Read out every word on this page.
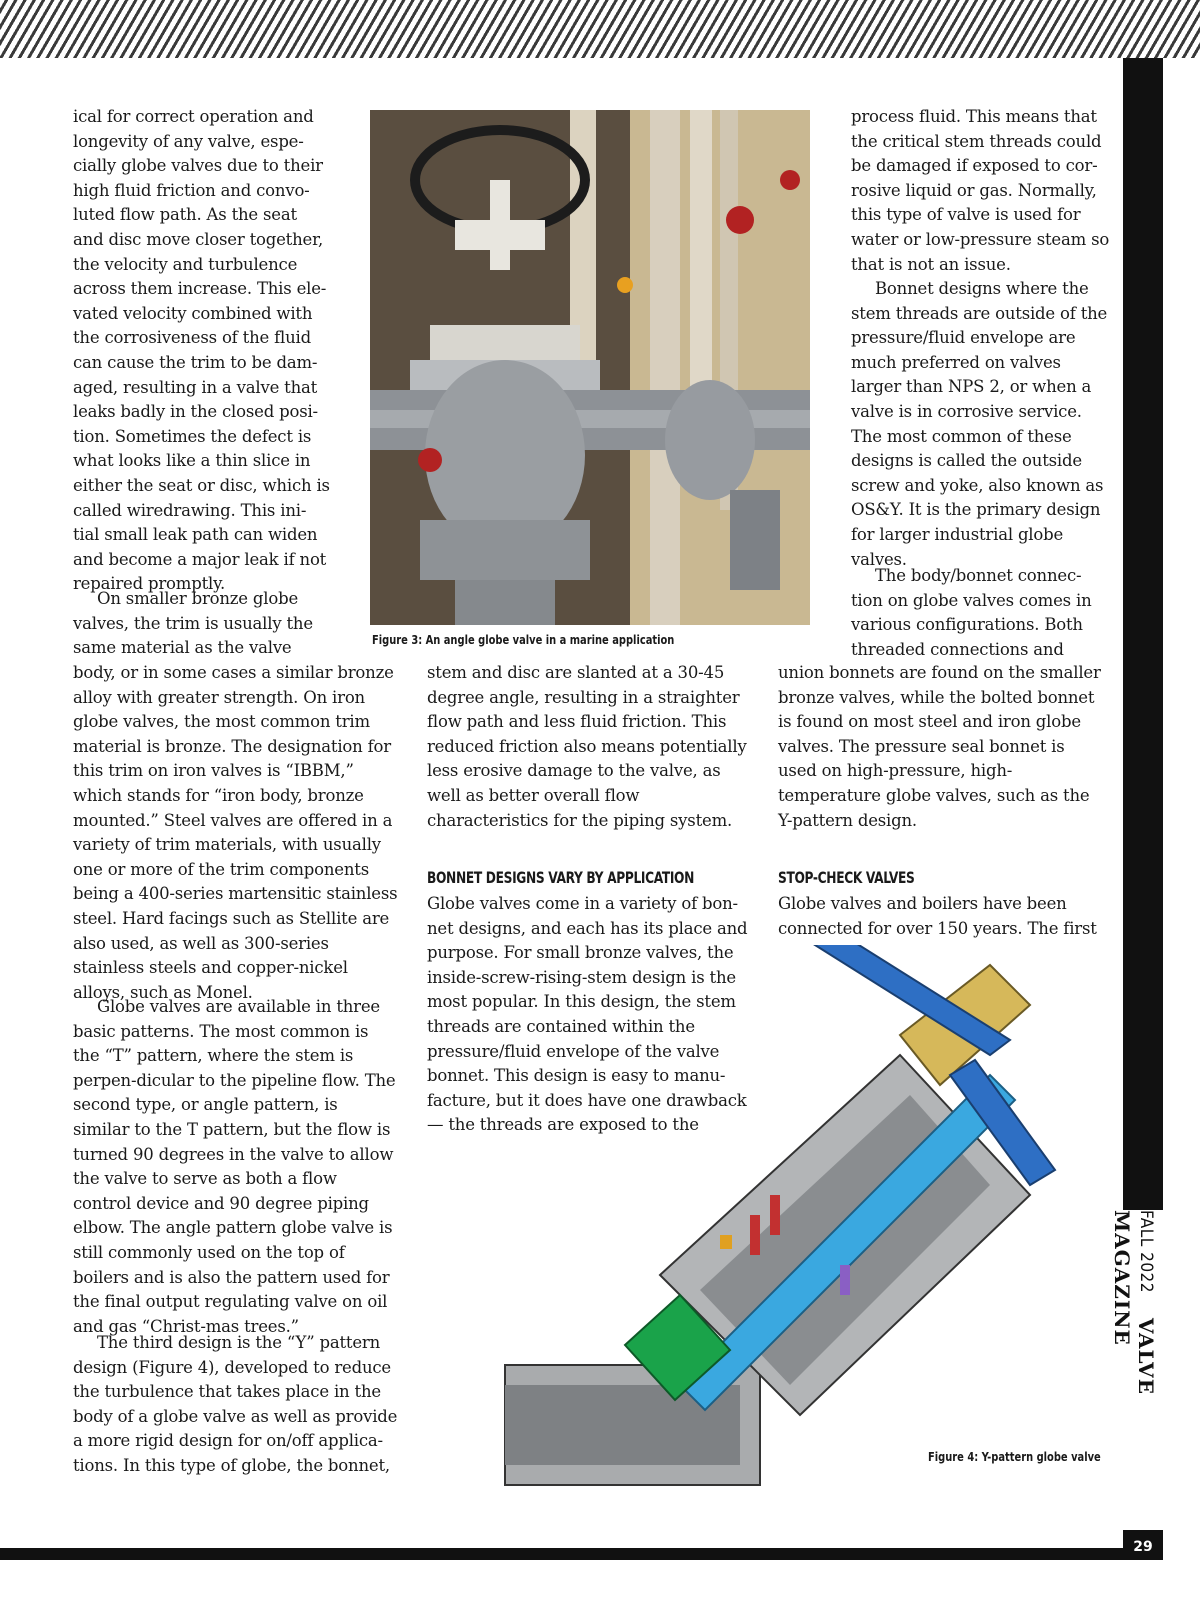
FALL 2022 VALVE MAGAZINE
29

ical for correct operation and longevity of any valve, espe-cially globe valves due to their high fluid friction and convo-luted flow path. As the seat and disc move closer together, the velocity and turbulence across them increase. This ele-vated velocity combined with the corrosiveness of the fluid can cause the trim to be dam-aged, resulting in a valve that leaks badly in the closed posi-tion. Sometimes the defect is what looks like a thin slice in either the seat or disc, which is called wiredrawing. This ini-tial small leak path can widen and become a major leak if not repaired promptly.

On smaller bronze globe valves, the trim is usually the same material as the valve

body, or in some cases a similar bronze alloy with greater strength. On iron globe valves, the most common trim material is bronze. The designation for this trim on iron valves is “IBBM,” which stands for “iron body, bronze mounted.” Steel valves are offered in a variety of trim materials, with usually one or more of the trim components being a 400-series martensitic stainless steel. Hard facings such as Stellite are also used, as well as 300-series stainless steels and copper-nickel alloys, such as Monel.

Globe valves are available in three basic patterns. The most common is the “T” pattern, where the stem is perpen-dicular to the pipeline flow. The second type, or angle pattern, is similar to the T pattern, but the flow is turned 90 degrees in the valve to allow the valve to serve as both a flow control device and 90 degree piping elbow. The angle pattern globe valve is still commonly used on the top of boilers and is also the pattern used for the final output regulating valve on oil and gas “Christ-mas trees.”

The third design is the “Y” pattern design (Figure 4), developed to reduce the turbulence that takes place in the body of a globe valve as well as provide a more rigid design for on/off applica-tions. In this type of globe, the bonnet,

Figure 3: An angle globe valve in a marine application

stem and disc are slanted at a 30-45 degree angle, resulting in a straighter flow path and less fluid friction. This reduced friction also means potentially less erosive damage to the valve, as well as better overall flow characteristics for the piping system.

BONNET DESIGNS VARY BY APPLICATION

Globe valves come in a variety of bon-net designs, and each has its place and purpose. For small bronze valves, the inside-screw-rising-stem design is the most popular. In this design, the stem threads are contained within the pressure/fluid envelope of the valve bonnet. This design is easy to manu-facture, but it does have one drawback — the threads are exposed to the

process fluid. This means that the critical stem threads could be damaged if exposed to cor-rosive liquid or gas. Normally, this type of valve is used for water or low-pressure steam so that is not an issue.

Bonnet designs where the stem threads are outside of the pressure/fluid envelope are much preferred on valves larger than NPS 2, or when a valve is in corrosive service. The most common of these designs is called the outside screw and yoke, also known as OS&Y. It is the primary design for larger industrial globe valves.

The body/bonnet connec-tion on globe valves comes in various configurations. Both threaded connections and

union bonnets are found on the smaller bronze valves, while the bolted bonnet is found on most steel and iron globe valves. The pressure seal bonnet is used on high-pressure, high-temperature globe valves, such as the Y-pattern design.

STOP-CHECK VALVES

Globe valves and boilers have been connected for over 150 years. The first

Figure 4: Y-pattern globe valve
